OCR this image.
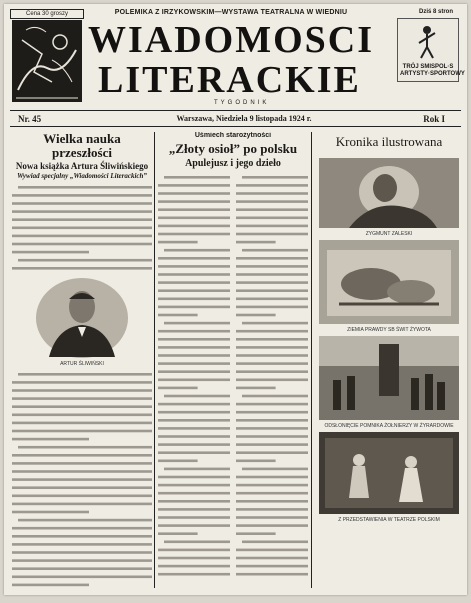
Cena 30 groszy	POLEMIKA Z IRZYKOWSKIM—WYSTAWA TEATRALNA W WIEDNIU	Dziś 8 stron
WIADOMOSCI
LITERACKIE
TYGODNIK
TRÓJ SMISPOL·S ARTYSTY·SPORTOWY
Nr. 45	Warszawa, Niedziela 9 listopada 1924 r.	Rok I
Wielka nauka przeszłości

Nowa książka Artura Śliwińskiego

Wywiad specjalny „Wiadomości Literackich”

ARTUR ŚLIWIŃSKI

Uśmiech starożytności

„Złoty osioł” po polsku

Apulejusz i jego dzieło

Kronika ilustrowana

ZYGMUNT ZALESKI

ZIEMIA PRAWDY SB ŚWIT ŻYWOTA

ODSŁONIĘCIE POMNIKA ŻOŁNIERZY W ŻYRARDOWIE

Z PRZEDSTAWIENIA W TEATRZE POLSKIM
